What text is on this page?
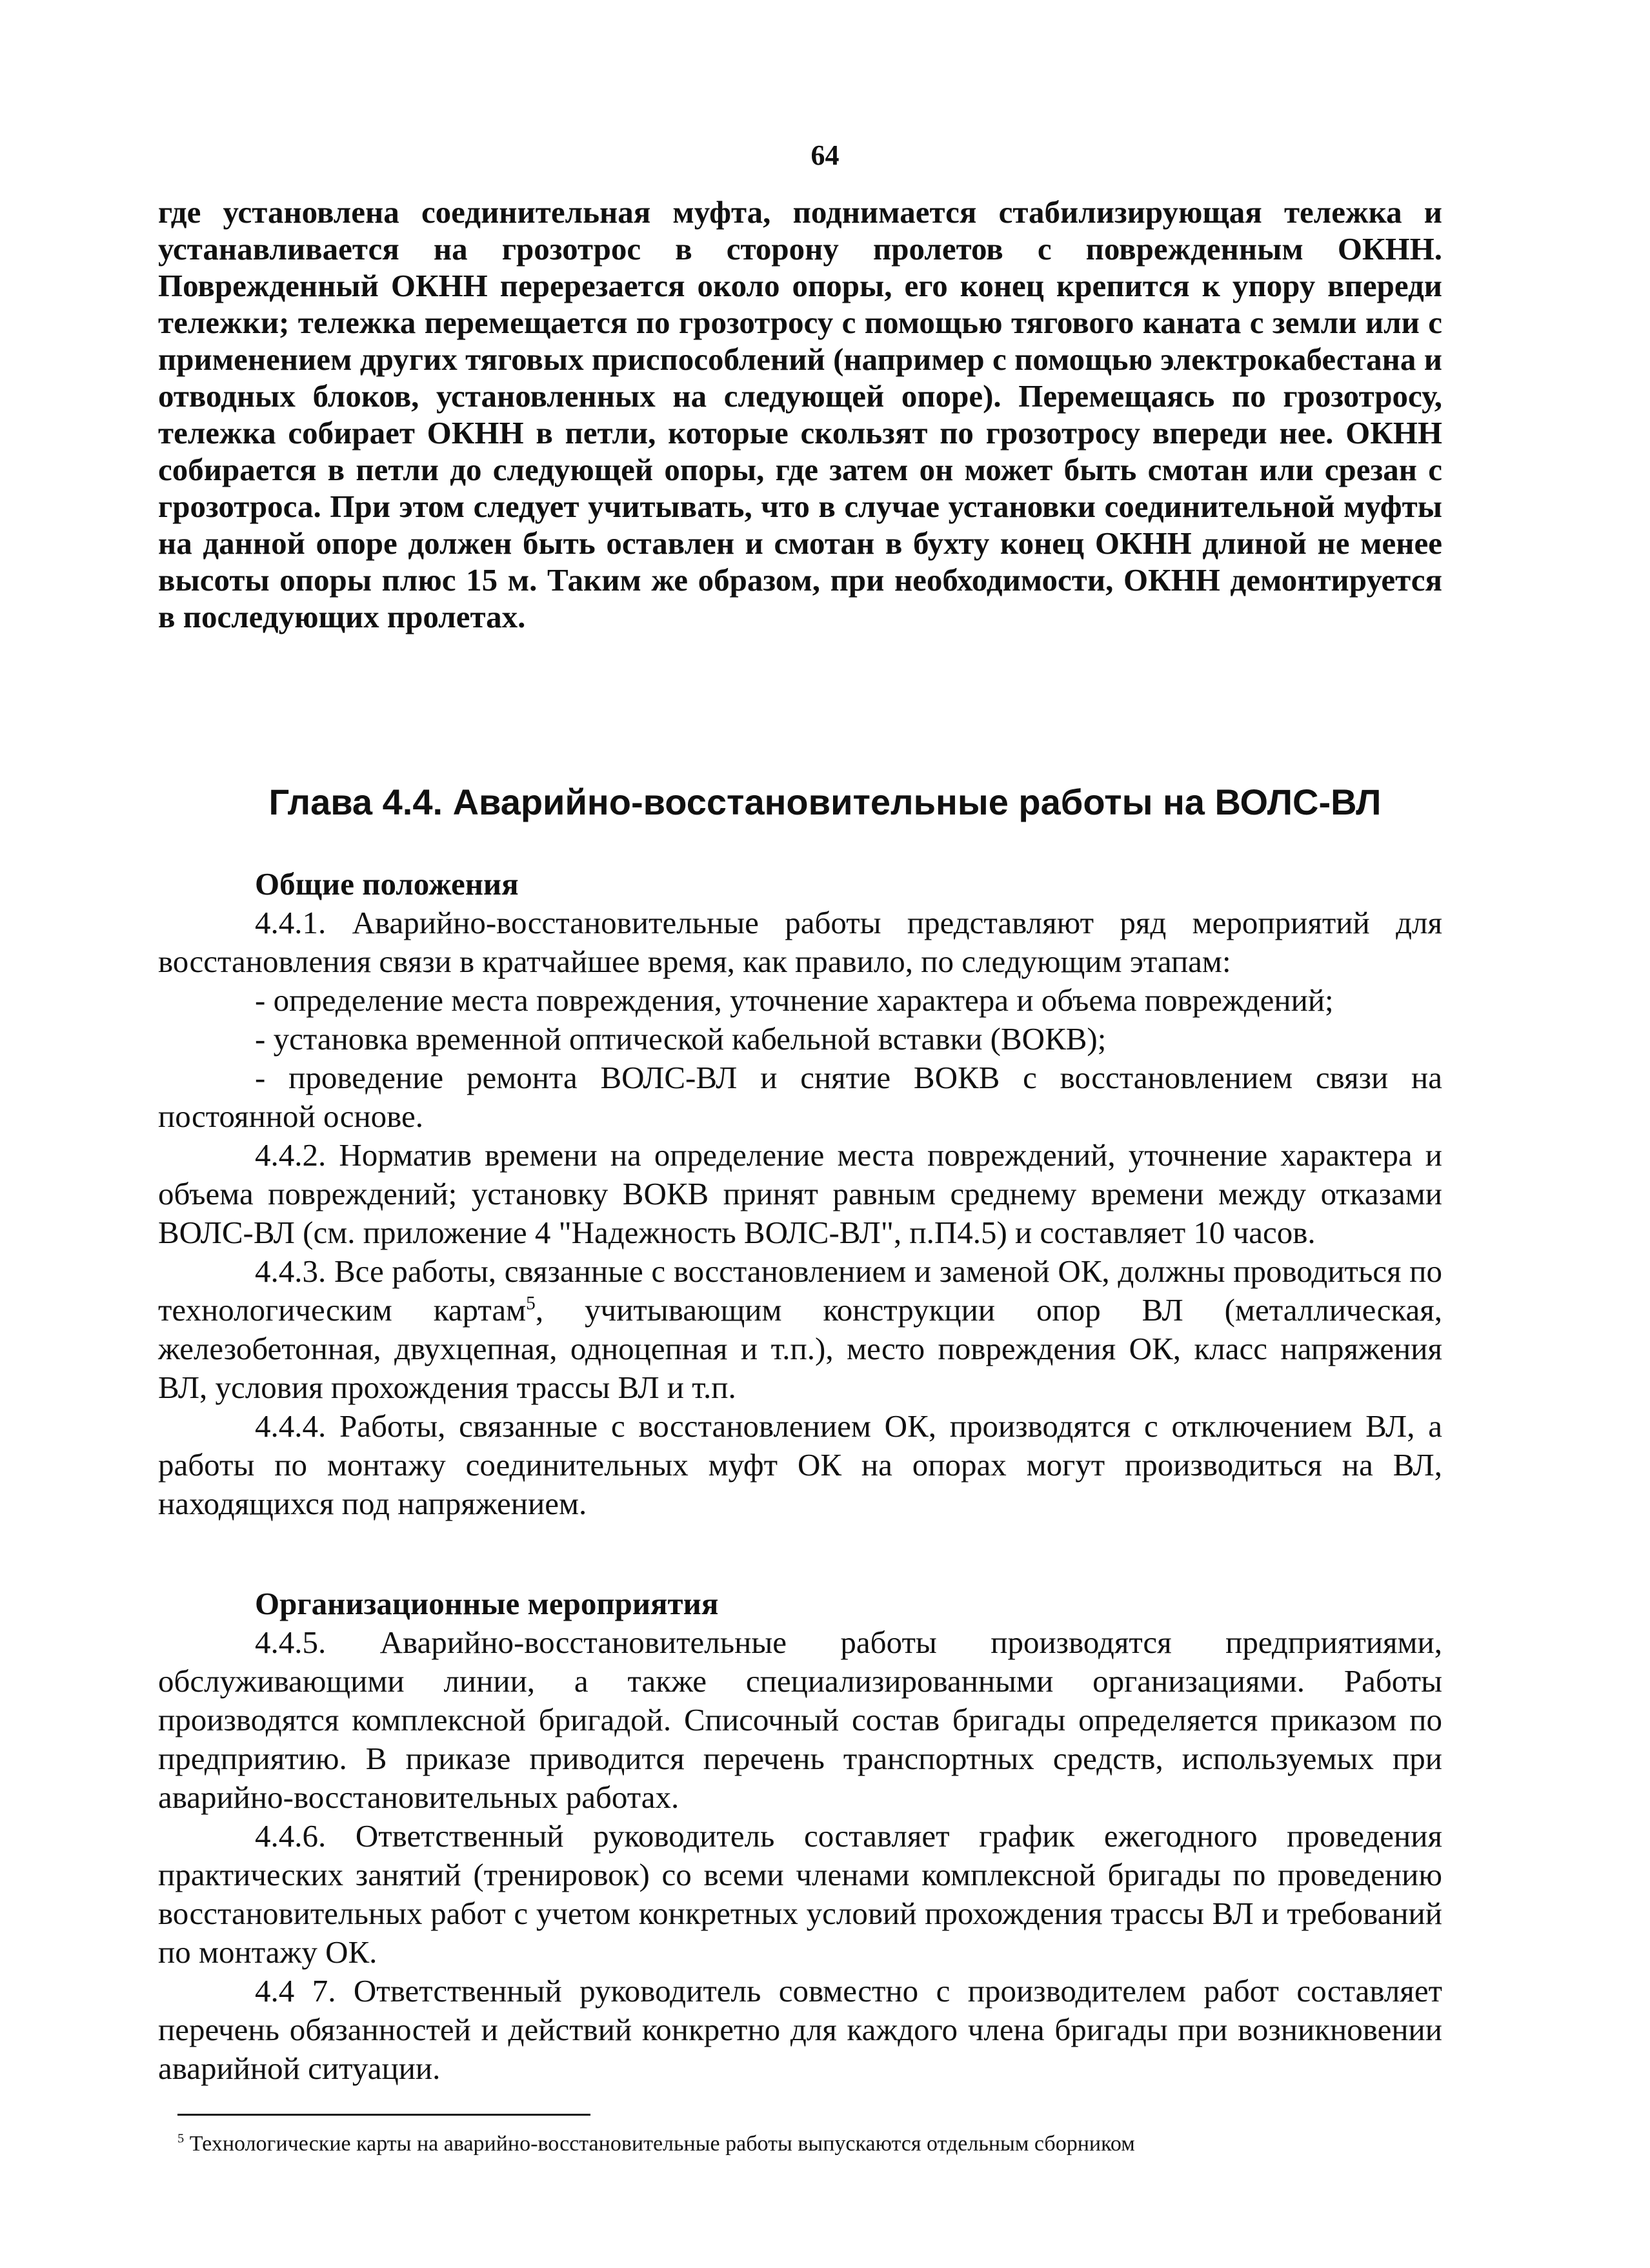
64

где установлена соединительная муфта, поднимается стабилизирующая тележка и устанавливается на грозотрос в сторону пролетов с поврежденным ОКНН. Поврежденный ОКНН перерезается около опоры, его конец крепится к упору впереди тележки; тележка перемещается по грозотросу с помощью тягового каната с земли или с применением других тяговых приспособлений (например с помощью электрокабестана и отводных блоков, установленных на следующей опоре). Перемещаясь по грозотросу, тележка собирает ОКНН в петли, которые скользят по грозотросу впереди нее. ОКНН собирается в петли до следующей опоры, где затем он может быть смотан или срезан с грозотроса. При этом следует учитывать, что в случае установки соединительной муфты на данной опоре должен быть оставлен и смотан в бухту конец ОКНН длиной не менее высоты опоры плюс 15 м. Таким же образом, при необходимости, ОКНН демонтируется в последующих пролетах.

Глава 4.4. Аварийно-восстановительные работы на ВОЛС-ВЛ

Общие положения

4.4.1. Аварийно-восстановительные работы представляют ряд мероприятий для восстановления связи в кратчайшее время, как правило, по следующим этапам:

- определение места повреждения, уточнение характера и объема повреждений;

- установка временной оптической кабельной вставки (ВОКВ);

- проведение ремонта ВОЛС-ВЛ и снятие ВОКВ с восстановлением связи на постоянной основе.

4.4.2. Норматив времени на определение места повреждений, уточнение характера и объема повреждений; установку ВОКВ принят равным среднему времени между отказами ВОЛС-ВЛ (см. приложение 4 "Надежность ВОЛС-ВЛ", п.П4.5) и составляет 10 часов.

4.4.3. Все работы, связанные с восстановлением и заменой ОК, должны проводиться по технологическим картам$^5$, учитывающим конструкции опор ВЛ (металлическая, железобетонная, двухцепная, одноцепная и т.п.), место повреждения ОК, класс напряжения ВЛ, условия прохождения трассы ВЛ и т.п.

4.4.4. Работы, связанные с восстановлением ОК, производятся с отключением ВЛ, а работы по монтажу соединительных муфт ОК на опорах могут производиться на ВЛ, находящихся под напряжением.

Организационные мероприятия

4.4.5. Аварийно-восстановительные работы производятся предприятиями, обслуживающими линии, а также специализированными организациями. Работы производятся комплексной бригадой. Списочный состав бригады определяется приказом по предприятию. В приказе приводится перечень транспортных средств, используемых при аварийно-восстановительных работах.

4.4.6. Ответственный руководитель составляет график ежегодного проведения практических занятий (тренировок) со всеми членами комплексной бригады по проведению восстановительных работ с учетом конкретных условий прохождения трассы ВЛ и требований по монтажу ОК.

4.4 7. Ответственный руководитель совместно с производителем работ составляет перечень обязанностей и действий конкретно для каждого члена бригады при возникновении аварийной ситуации.

$^5$ Технологические карты на аварийно-восстановительные работы выпускаются отдельным сборником
